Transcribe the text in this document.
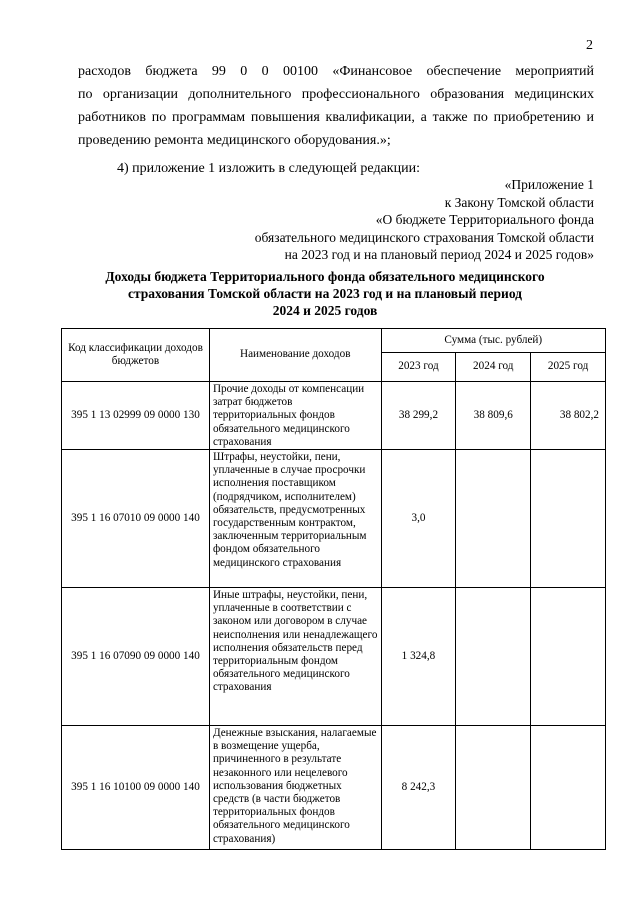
2
расходов бюджета 99 0 0 00100 «Финансовое обеспечение мероприятий
по организации дополнительного профессионального образования медицинских
работников по программам повышения квалификации, а также по приобретению и
проведению ремонта медицинского оборудования.»;
4) приложение 1 изложить в следующей редакции:
«Приложение 1
к Закону Томской области
«О бюджете Территориального фонда
обязательного медицинского страхования Томской области
на 2023 год и на плановый период 2024 и 2025 годов»
Доходы бюджета Территориального фонда обязательного медицинского
страхования Томской области на 2023 год и на плановый период
2024 и 2025 годов
Код классификации доходов бюджетов	Наименование доходов	Сумма (тыс. рублей)		
		2023 год	2024 год	2025 год
395 1 13 02999 09 0000 130	Прочие доходы от компенсации затрат бюджетов территориальных фондов обязательного медицинского страхования	38 299,2	38 809,6	38 802,2
395 1 16 07010 09 0000 140	Штрафы, неустойки, пени, уплаченные в случае просрочки исполнения поставщиком (подрядчиком, исполнителем) обязательств, предусмотренных государственным контрактом, заключенным территориальным фондом обязательного медицинского страхования	3,0		
395 1 16 07090 09 0000 140	Иные штрафы, неустойки, пени, уплаченные в соответствии с законом или договором в случае неисполнения или ненадлежащего исполнения обязательств перед территориальным фондом обязательного медицинского страхования	1 324,8		
395 1 16 10100 09 0000 140	Денежные взыскания, налагаемые в возмещение ущерба, причиненного в результате незаконного или нецелевого использования бюджетных средств (в части бюджетов территориальных фондов обязательного медицинского страхования)	8 242,3		
